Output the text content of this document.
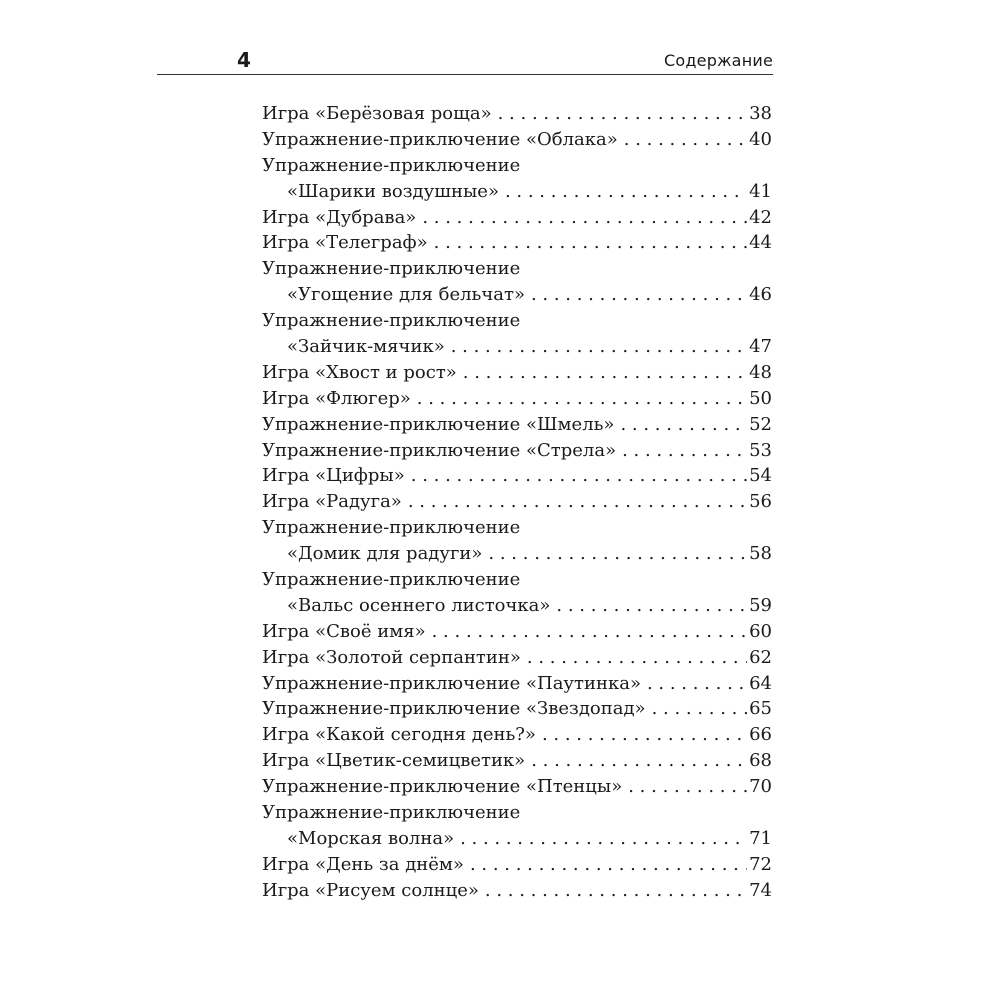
4	Содержание
Игра «Берёзовая роща» . . .	38
Упражнение-приключение «Облака» . . .	40
Упражнение-приключение
«Шарики воздушные» . . .	41
Игра «Дубрава» . . .	42
Игра «Телеграф» . . .	44
Упражнение-приключение
«Угощение для бельчат» . . .	46
Упражнение-приключение
«Зайчик-мячик» . . .	47
Игра «Хвост и рост» . . .	48
Игра «Флюгер» . . .	50
Упражнение-приключение «Шмель» . . .	52
Упражнение-приключение «Стрела» . . .	53
Игра «Цифры» . . .	54
Игра «Радуга» . . .	56
Упражнение-приключение
«Домик для радуги» . . .	58
Упражнение-приключение
«Вальс осеннего листочка» . . .	59
Игра «Своё имя» . . .	60
Игра «Золотой серпантин» . . .	62
Упражнение-приключение «Паутинка» . . .	64
Упражнение-приключение «Звездопад» . . .	65
Игра «Какой сегодня день?» . . .	66
Игра «Цветик-семицветик» . . .	68
Упражнение-приключение «Птенцы» . . .	70
Упражнение-приключение
«Морская волна» . . .	71
Игра «День за днём» . . .	72
Игра «Рисуем солнце» . . .	74
